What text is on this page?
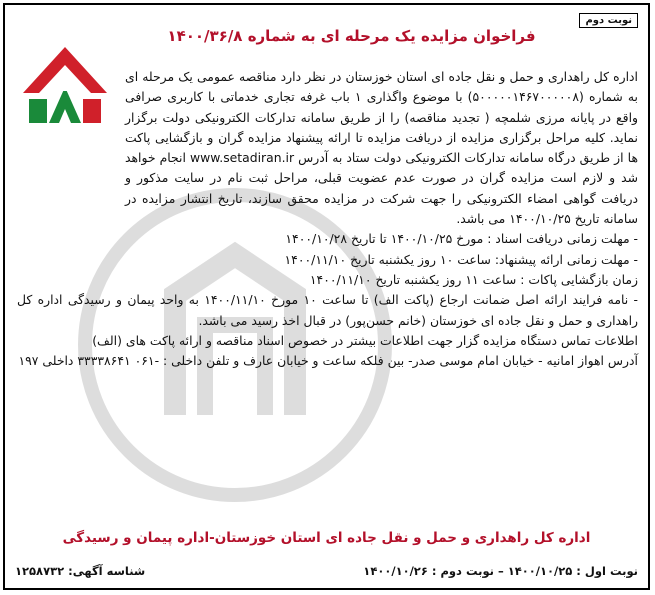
نوبت دوم
فراخوان مزایده یک مرحله ای به شماره ۱۴۰۰/۳۶/۸

اداره کل راهداری و حمل و نقل جاده ای استان خوزستان در نظر دارد مناقصه عمومی یک مرحله ای به شماره (۵۰۰۰۰۰۱۴۶۷۰۰۰۰۰۸) با موضوع واگذاری ۱ باب غرفه تجاری خدماتی با کاربری صرافی واقع در پایانه مرزی شلمچه ( تجدید مناقصه) را از طریق سامانه تدارکات الکترونیکی دولت برگزار نماید. کلیه مراحل برگزاری مزایده از دریافت مزایده تا ارائه پیشنهاد مزایده گران و بازگشایی پاکت ها از طریق درگاه سامانه تدارکات الکترونیکی دولت ستاد به آدرس www.setadiran.ir انجام خواهد شد و لازم است مزایده گران در صورت عدم عضویت قبلی، مراحل ثبت نام در سایت مذکور و دریافت گواهی امضاء الکترونیکی را جهت شرکت در مزایده محقق سازند، تاریخ انتشار مزایده در سامانه تاریخ ۱۴۰۰/۱۰/۲۵ می باشد.

- مهلت زمانی دریافت اسناد : مورخ ۱۴۰۰/۱۰/۲۵ تا تاریخ ۱۴۰۰/۱۰/۲۸

- مهلت زمانی ارائه پیشنهاد: ساعت ۱۰ روز یکشنبه تاریخ ۱۴۰۰/۱۱/۱۰

زمان بازگشایی پاکات : ساعت ۱۱ روز یکشنبه تاریخ ۱۴۰۰/۱۱/۱۰

- نامه فرایند ارائه اصل ضمانت ارجاع (پاکت الف) تا ساعت ۱۰ مورخ ۱۴۰۰/۱۱/۱۰ به واحد پیمان و رسیدگی اداره کل راهداری و حمل و نقل جاده ای خوزستان (خانم حسن‌پور) در قبال اخذ رسید می باشد.

اطلاعات تماس دستگاه مزایده گزار جهت اطلاعات بیشتر در خصوص اسناد مناقصه و ارائه پاکت های (الف)

آدرس اهواز امانیه - خیابان امام موسی صدر- بین فلکه ساعت و خیابان عارف و تلفن داخلی : -۰۶۱ ۳۳۳۳۸۶۴۱ داخلی ۱۹۷

اداره کل راهداری و حمل و نقل جاده ای استان خوزستان-اداره پیمان و رسیدگی
نوبت اول : ۱۴۰۰/۱۰/۲۵ – نوبت دوم : ۱۴۰۰/۱۰/۲۶
شناسه آگهی: ۱۲۵۸۷۳۲
